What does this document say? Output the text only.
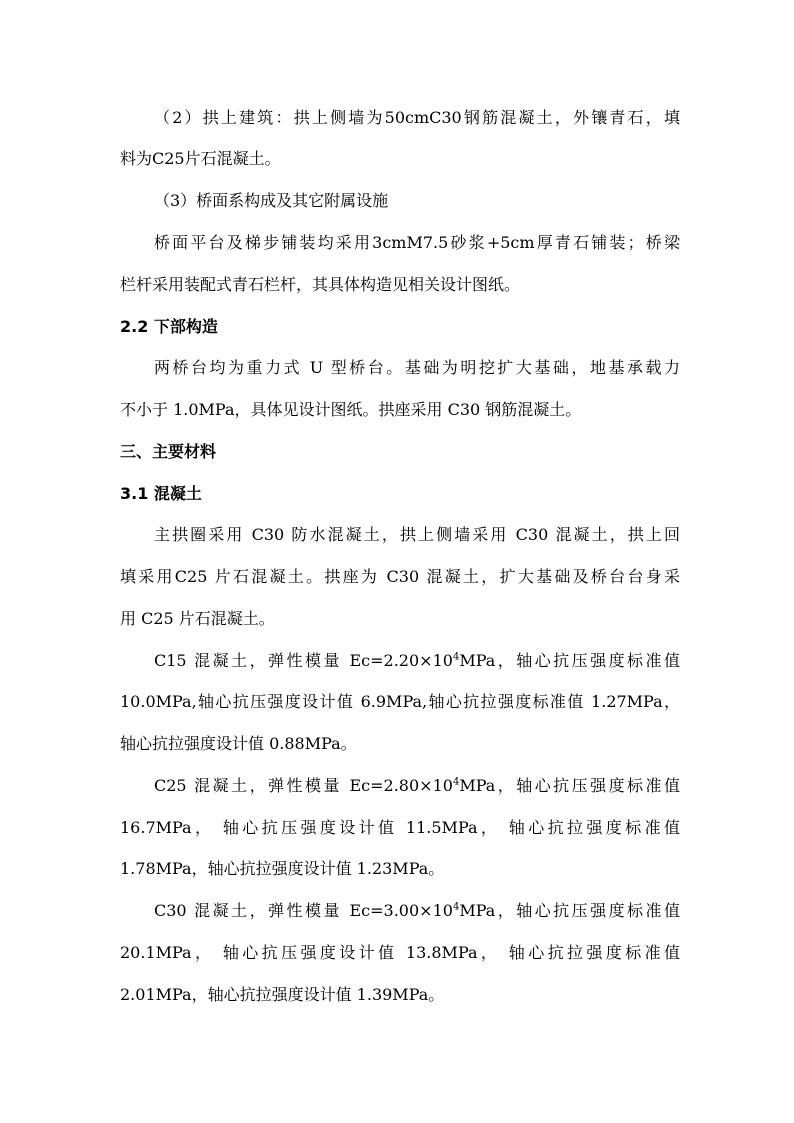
（2）拱上建筑：拱上侧墙为50cmC30钢筋混凝土，外镶青石，填
料为C25片石混凝土。
（3）桥面系构成及其它附属设施
桥面平台及梯步铺装均采用3cmM7.5砂浆+5cm厚青石铺装；桥梁
栏杆采用装配式青石栏杆，其具体构造见相关设计图纸。
2.2 下部构造
两桥台均为重力式 U 型桥台。基础为明挖扩大基础，地基承载力
不小于 1.0MPa，具体见设计图纸。拱座采用 C30 钢筋混凝土。
三、主要材料
3.1 混凝土
主拱圈采用 C30 防水混凝土，拱上侧墙采用 C30 混凝土，拱上回
填采用C25 片石混凝土。拱座为 C30 混凝土，扩大基础及桥台台身采
用 C25 片石混凝土。
C15 混凝土，弹性模量 $Ec=2.20\times 10^4MPa$，轴心抗压强度标准值
10.0MPa,轴心抗压强度设计值 6.9MPa,轴心抗拉强度标准值 1.27MPa，
轴心抗拉强度设计值 0.88MPa。
C25 混凝土，弹性模量 $Ec=2.80\times 10^4MPa$，轴心抗压强度标准值
16.7MPa， 轴心抗压强度设计值 11.5MPa， 轴心抗拉强度标准值
1.78MPa，轴心抗拉强度设计值 1.23MPa。
C30 混凝土，弹性模量 $Ec=3.00\times 10^4MPa$，轴心抗压强度标准值
20.1MPa， 轴心抗压强度设计值 13.8MPa， 轴心抗拉强度标准值
2.01MPa，轴心抗拉强度设计值 1.39MPa。
